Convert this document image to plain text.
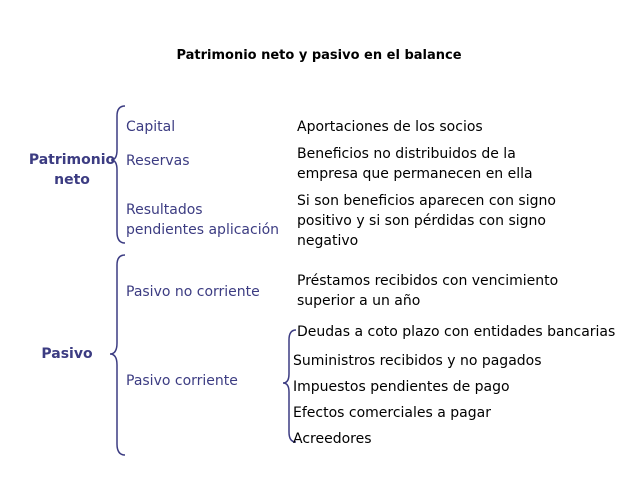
Patrimonio neto y pasivo en el balance
Patrimonio
neto
Pasivo
Capital
Reservas
Resultados
pendientes aplicación
Aportaciones de los socios
Beneficios no distribuidos de la
empresa que permanecen en ella
Si son beneficios aparecen con signo
positivo y si son pérdidas con signo
negativo
Pasivo no corriente
Pasivo corriente
Préstamos recibidos con vencimiento
superior a un año
Deudas a coto plazo con entidades bancarias
Suministros recibidos y no pagados
Impuestos pendientes de pago
Efectos comerciales a pagar
Acreedores
